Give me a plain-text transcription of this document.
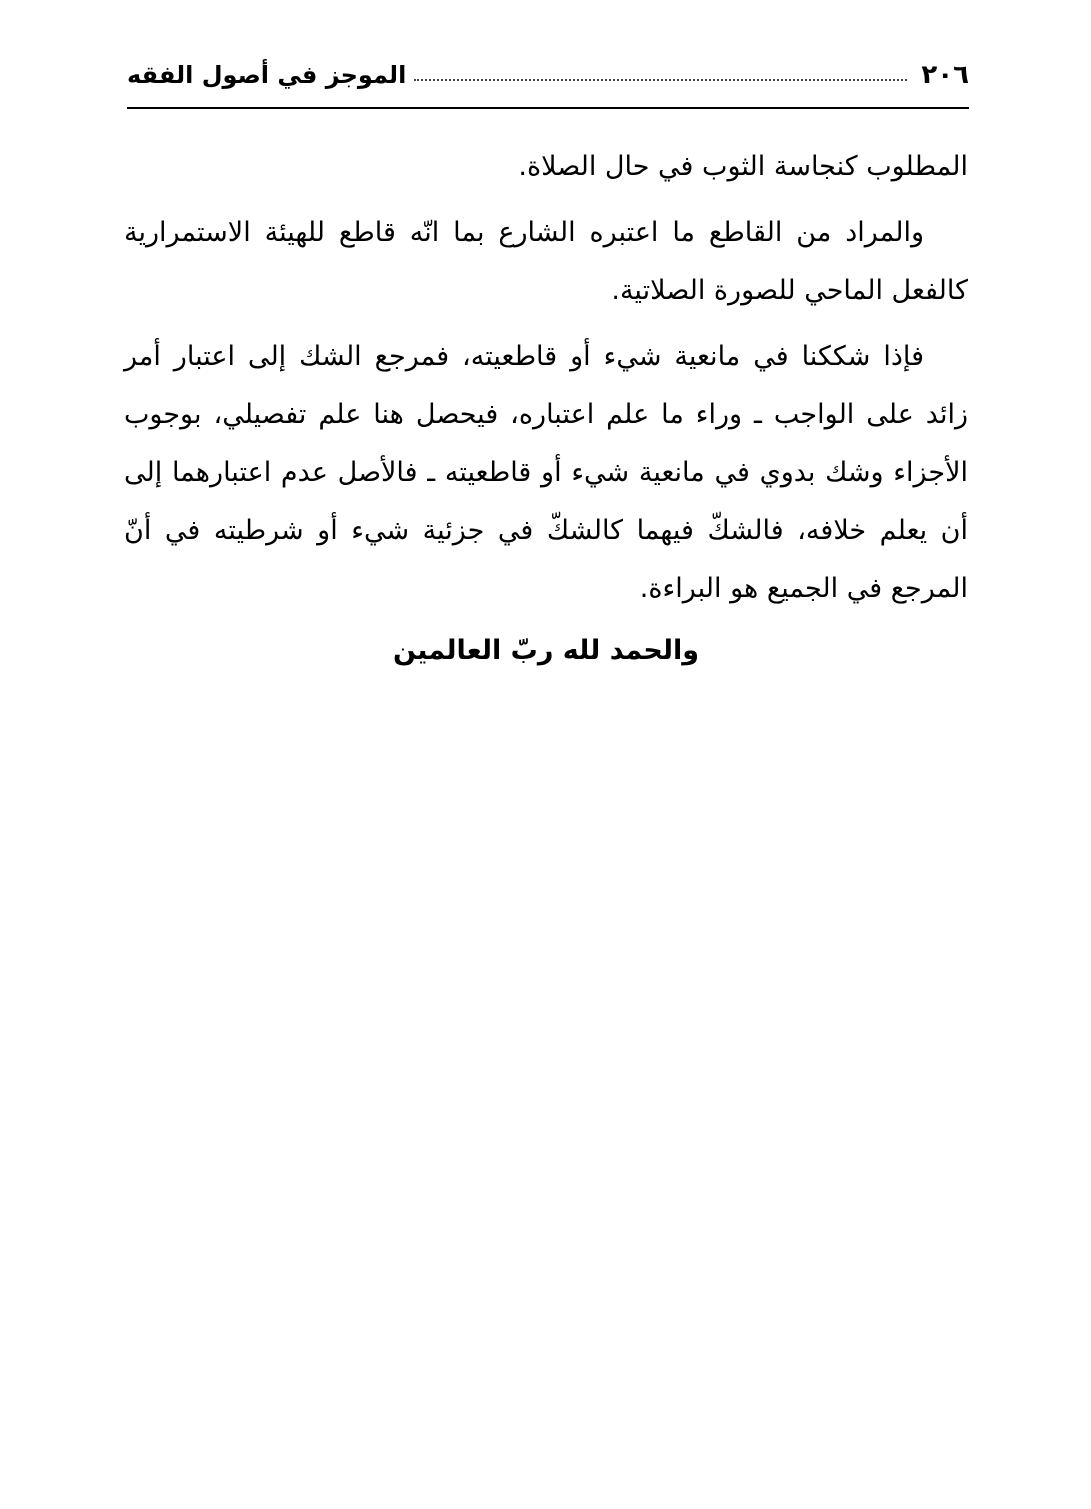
٢٠٦
الموجز في أصول الفقه

المطلوب كنجاسة الثوب في حال الصلاة.

والمراد من القاطع ما اعتبره الشارع بما انّه قاطع للهيئة الاستمرارية كالفعل الماحي للصورة الصلاتية.

فإذا شككنا في مانعية شيء أو قاطعيته، فمرجع الشك إلى اعتبار أمر زائد على الواجب ـ وراء ما علم اعتباره، فيحصل هنا علم تفصيلي، بوجوب الأجزاء وشك بدوي في مانعية شيء أو قاطعيته ـ فالأصل عدم اعتبارهما إلى أن يعلم خلافه، فالشكّ فيهما كالشكّ في جزئية شيء أو شرطيته في أنّ المرجع في الجميع هو البراءة.

والحمد لله ربّ العالمين
